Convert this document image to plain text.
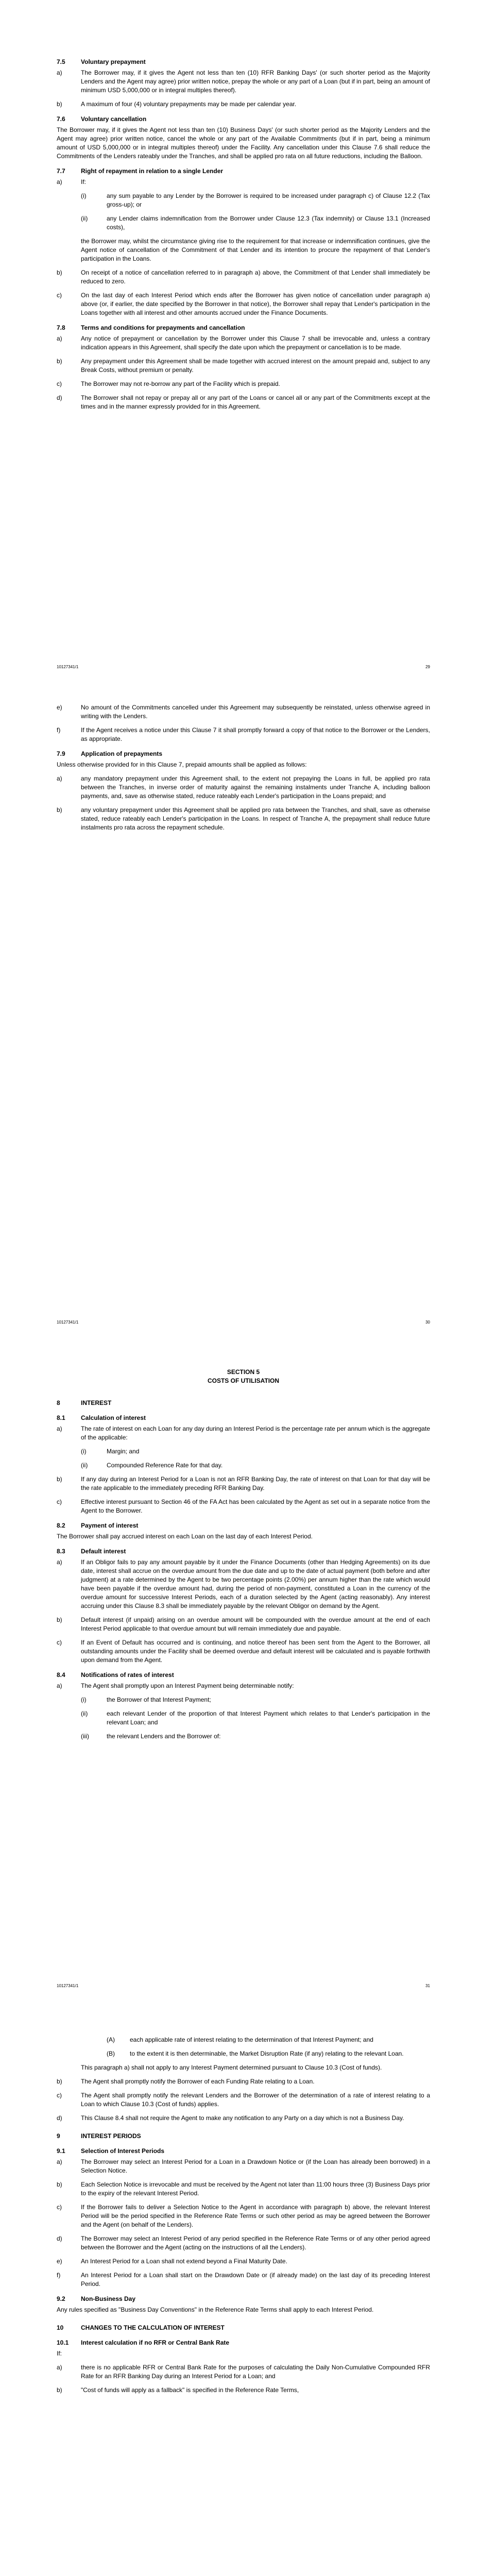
7.5	Voluntary prepayment
a)	The Borrower may, if it gives the Agent not less than ten (10) RFR Banking Days' (or such shorter period as the Majority Lenders and the Agent may agree) prior written notice, prepay the whole or any part of a Loan (but if in part, being an amount of minimum USD 5,000,000 or in integral multiples thereof).
b)	A maximum of four (4) voluntary prepayments may be made per calendar year.
7.6	Voluntary cancellation
The Borrower may, if it gives the Agent not less than ten (10) Business Days' (or such shorter period as the Majority Lenders and the Agent may agree) prior written notice, cancel the whole or any part of the Available Commitments (but if in part, being a minimum amount of USD 5,000,000 or in integral multiples thereof) under the Facility. Any cancellation under this Clause 7.6 shall reduce the Commitments of the Lenders rateably under the Tranches, and shall be applied pro rata on all future reductions, including the Balloon.
7.7	Right of repayment in relation to a single Lender
a)	If:
(i)	any sum payable to any Lender by the Borrower is required to be increased under paragraph c) of Clause 12.2 (Tax gross-up); or
(ii)	any Lender claims indemnification from the Borrower under Clause 12.3 (Tax indemnity) or Clause 13.1 (Increased costs),
the Borrower may, whilst the circumstance giving rise to the requirement for that increase or indemnification continues, give the Agent notice of cancellation of the Commitment of that Lender and its intention to procure the repayment of that Lender's participation in the Loans.
b)	On receipt of a notice of cancellation referred to in paragraph a) above, the Commitment of that Lender shall immediately be reduced to zero.
c)	On the last day of each Interest Period which ends after the Borrower has given notice of cancellation under paragraph a) above (or, if earlier, the date specified by the Borrower in that notice), the Borrower shall repay that Lender's participation in the Loans together with all interest and other amounts accrued under the Finance Documents.
7.8	Terms and conditions for prepayments and cancellation
a)	Any notice of prepayment or cancellation by the Borrower under this Clause 7 shall be irrevocable and, unless a contrary indication appears in this Agreement, shall specify the date upon which the prepayment or cancellation is to be made.
b)	Any prepayment under this Agreement shall be made together with accrued interest on the amount prepaid and, subject to any Break Costs, without premium or penalty.
c)	The Borrower may not re-borrow any part of the Facility which is prepaid.
d)	The Borrower shall not repay or prepay all or any part of the Loans or cancel all or any part of the Commitments except at the times and in the manner expressly provided for in this Agreement.
10127341/1	29
e)	No amount of the Commitments cancelled under this Agreement may subsequently be reinstated, unless otherwise agreed in writing with the Lenders.
f)	If the Agent receives a notice under this Clause 7 it shall promptly forward a copy of that notice to the Borrower or the Lenders, as appropriate.
7.9	Application of prepayments
Unless otherwise provided for in this Clause 7, prepaid amounts shall be applied as follows:
a)	any mandatory prepayment under this Agreement shall, to the extent not prepaying the Loans in full, be applied pro rata between the Tranches, in inverse order of maturity against the remaining instalments under Tranche A, including balloon payments, and, save as otherwise stated, reduce rateably each Lender's participation in the Loans prepaid; and
b)	any voluntary prepayment under this Agreement shall be applied pro rata between the Tranches, and shall, save as otherwise stated, reduce rateably each Lender's participation in the Loans. In respect of Tranche A, the prepayment shall reduce future instalments pro rata across the repayment schedule.
10127341/1	30
SECTION 5
COSTS OF UTILISATION
8	INTEREST
8.1	Calculation of interest
a)	The rate of interest on each Loan for any day during an Interest Period is the percentage rate per annum which is the aggregate of the applicable:
(i)	Margin; and
(ii)	Compounded Reference Rate for that day.
b)	If any day during an Interest Period for a Loan is not an RFR Banking Day, the rate of interest on that Loan for that day will be the rate applicable to the immediately preceding RFR Banking Day.
c)	Effective interest pursuant to Section 46 of the FA Act has been calculated by the Agent as set out in a separate notice from the Agent to the Borrower.
8.2	Payment of interest
The Borrower shall pay accrued interest on each Loan on the last day of each Interest Period.
8.3	Default interest
a)	If an Obligor fails to pay any amount payable by it under the Finance Documents (other than Hedging Agreements) on its due date, interest shall accrue on the overdue amount from the due date and up to the date of actual payment (both before and after judgment) at a rate determined by the Agent to be two percentage points (2.00%) per annum higher than the rate which would have been payable if the overdue amount had, during the period of non-payment, constituted a Loan in the currency of the overdue amount for successive Interest Periods, each of a duration selected by the Agent (acting reasonably). Any interest accruing under this Clause 8.3 shall be immediately payable by the relevant Obligor on demand by the Agent.
b)	Default interest (if unpaid) arising on an overdue amount will be compounded with the overdue amount at the end of each Interest Period applicable to that overdue amount but will remain immediately due and payable.
c)	If an Event of Default has occurred and is continuing, and notice thereof has been sent from the Agent to the Borrower, all outstanding amounts under the Facility shall be deemed overdue and default interest will be calculated and is payable forthwith upon demand from the Agent.
8.4	Notifications of rates of interest
a)	The Agent shall promptly upon an Interest Payment being determinable notify:
(i)	the Borrower of that Interest Payment;
(ii)	each relevant Lender of the proportion of that Interest Payment which relates to that Lender's participation in the relevant Loan; and
(iii)	the relevant Lenders and the Borrower of:
10127341/1	31
(A)	each applicable rate of interest relating to the determination of that Interest Payment; and
(B)	to the extent it is then determinable, the Market Disruption Rate (if any) relating to the relevant Loan.
This paragraph a) shall not apply to any Interest Payment determined pursuant to Clause 10.3 (Cost of funds).
b)	The Agent shall promptly notify the Borrower of each Funding Rate relating to a Loan.
c)	The Agent shall promptly notify the relevant Lenders and the Borrower of the determination of a rate of interest relating to a Loan to which Clause 10.3 (Cost of funds) applies.
d)	This Clause 8.4 shall not require the Agent to make any notification to any Party on a day which is not a Business Day.
9	INTEREST PERIODS
9.1	Selection of Interest Periods
a)	The Borrower may select an Interest Period for a Loan in a Drawdown Notice or (if the Loan has already been borrowed) in a Selection Notice.
b)	Each Selection Notice is irrevocable and must be received by the Agent not later than 11:00 hours three (3) Business Days prior to the expiry of the relevant Interest Period.
c)	If the Borrower fails to deliver a Selection Notice to the Agent in accordance with paragraph b) above, the relevant Interest Period will be the period specified in the Reference Rate Terms or such other period as may be agreed between the Borrower and the Agent (on behalf of the Lenders).
d)	The Borrower may select an Interest Period of any period specified in the Reference Rate Terms or of any other period agreed between the Borrower and the Agent (acting on the instructions of all the Lenders).
e)	An Interest Period for a Loan shall not extend beyond a Final Maturity Date.
f)	An Interest Period for a Loan shall start on the Drawdown Date or (if already made) on the last day of its preceding Interest Period.
9.2	Non-Business Day
Any rules specified as "Business Day Conventions" in the Reference Rate Terms shall apply to each Interest Period.
10	CHANGES TO THE CALCULATION OF INTEREST
10.1	Interest calculation if no RFR or Central Bank Rate
If:
a)	there is no applicable RFR or Central Bank Rate for the purposes of calculating the Daily Non-Cumulative Compounded RFR Rate for an RFR Banking Day during an Interest Period for a Loan; and
b)	"Cost of funds will apply as a fallback" is specified in the Reference Rate Terms,
